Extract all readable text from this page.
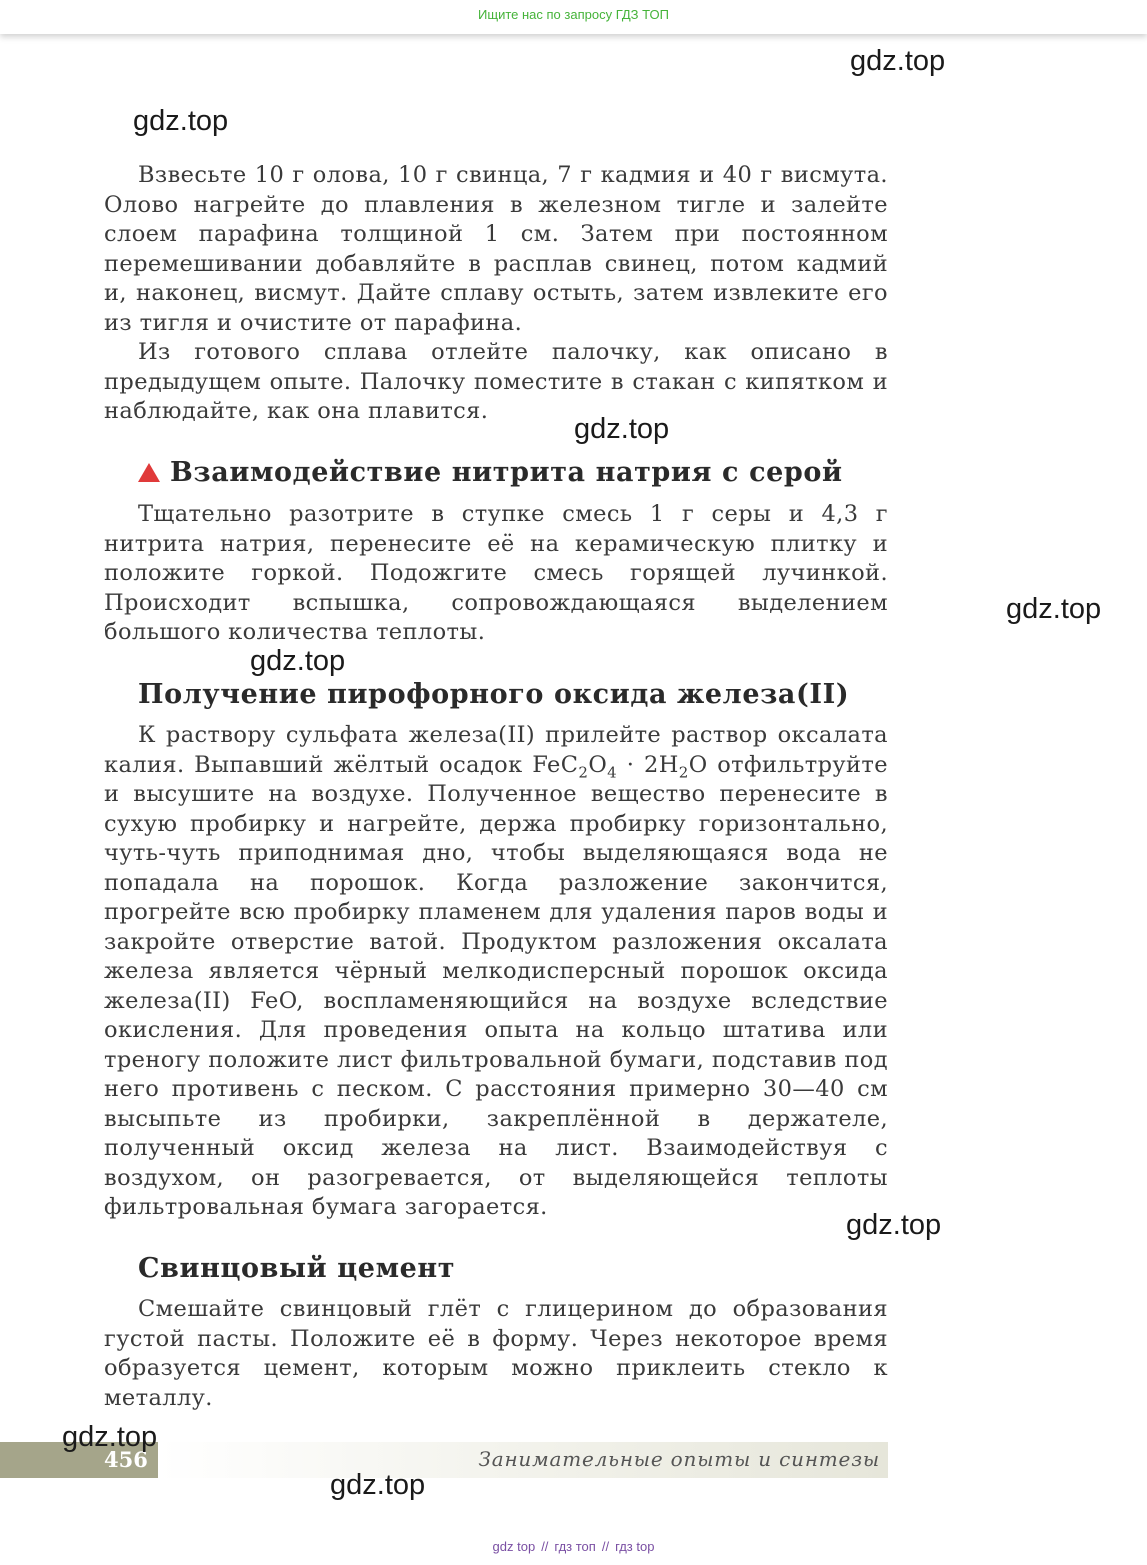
Ищите нас по запросу ГДЗ ТОП
gdz.top
gdz.top
gdz.top
gdz.top
gdz.top
gdz.top

Взвесьте 10 г олова, 10 г свинца, 7 г кадмия и 40 г висмута. Олово нагрейте до плавления в железном тигле и залейте слоем парафина толщиной 1 см. Затем при постоянном перемешивании добавляйте в расплав свинец, потом кадмий и, наконец, висмут. Дайте сплаву остыть, затем извлеките его из тигля и очистите от парафина.

Из готового сплава отлейте палочку, как описано в предыдущем опыте. Палочку поместите в стакан с кипятком и наблюдайте, как она плавится.

Взаимодействие нитрита натрия с серой

Тщательно разотрите в ступке смесь 1 г серы и 4,3 г нитрита натрия, перенесите её на керамическую плитку и положите горкой. Подожгите смесь горящей лучинкой. Происходит вспышка, сопровождающаяся выделением большого количества теплоты.

Получение пирофорного оксида железа(II)

К раствору сульфата железа(II) прилейте раствор оксалата калия. Выпавший жёлтый осадок $FeC_2O_4 \cdot 2H_2O$ отфильтруйте и высушите на воздухе. Полученное вещество перенесите в сухую пробирку и нагрейте, держа пробирку горизонтально, чуть-чуть приподнимая дно, чтобы выделяющаяся вода не попадала на порошок. Когда разложение закончится, прогрейте всю пробирку пламенем для удаления паров воды и закройте отверстие ватой. Продуктом разложения оксалата железа является чёрный мелкодисперсный порошок оксида железа(II) FeO, воспламеняющийся на воздухе вследствие окисления. Для проведения опыта на кольцо штатива или треногу положите лист фильтровальной бумаги, подставив под него противень с песком. С расстояния примерно 30—40 см высыпьте из пробирки, закреплённой в держателе, полученный оксид железа на лист. Взаимодействуя с воздухом, он разогревается, от выделяющейся теплоты фильтровальная бумага загорается.

Свинцовый цемент

Смешайте свинцовый глёт с глицерином до образования густой пасты. Положите её в форму. Через некоторое время образуется цемент, которым можно приклеить стекло к металлу.

456	Занимательные опыты и синтезы
gdz.top
gdz.top
gdz top // гдз топ // гдз top
